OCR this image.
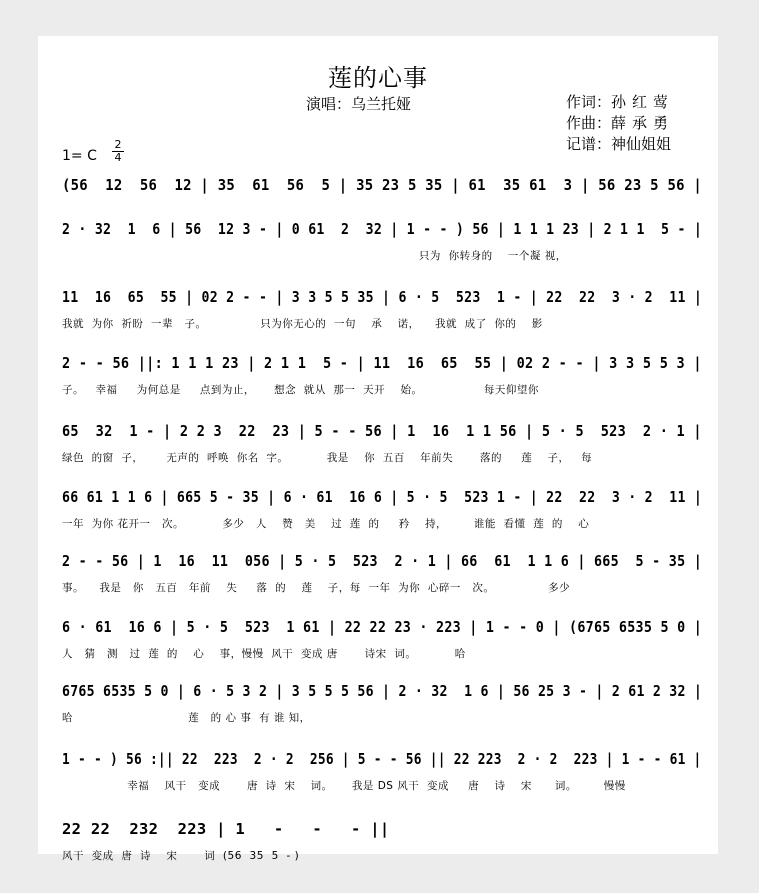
莲的心事
演唱：乌兰托娅	作词：孙红莺
作曲：薛承勇
记谱：神仙姐姐
1= C
2
4
(56  12  56  12 | 35  61  56  5 | 35 23 5 35 | 61  35 61  3 | 56 23 5 56 |
2 · 32  1  6 | 56  12 3 - | 0 61  2  32 | 1 - - ) 56 | 1 1 1 23 | 2 1 1  5 - |
只为  你转身的    一个凝 视，
11  16  65  55 | 02 2 - - | 3 3 5 5 35 | 6 · 5  523  1 - | 22  22  3 · 2  11 |
我就  为你  祈盼  一辈   子。              只为你无心的  一句    承    诺，    我就  成了  你的    影
2 - - 56 ||: 1 1 1 23 | 2 1 1  5 - | 11  16  65  55 | 02 2 - - | 3 3 5 5 3 |
子。   幸福     为何总是     点到为止，     想念  就从  那一  天开    始。                每天仰望你
65  32  1 - | 2 2 3  22  23 | 5 - - 56 | 1  16  1 1 56 | 5 · 5  523  2 · 1 |
绿色  的窗  子，      无声的  呼唤  你名  字。          我是    你  五百    年前失       落的     莲    子，   每
66 61 1 1 6 | 665 5 - 35 | 6 · 61  16 6 | 5 · 5  523 1 - | 22  22  3 · 2  11 |
一年  为你 花开一   次。          多少   人    赞   美    过  莲  的     矜    持，       谁能  看懂  莲  的    心
2 - - 56 | 1  16  11  056 | 5 · 5  523  2 · 1 | 66  61  1 1 6 | 665  5 - 35 |
事。    我是   你   五百   年前    失     落  的    莲    子，每  一年  为你  心碎一   次。              多少
6 · 61  16 6 | 5 · 5  523  1 61 | 22 22 23 · 223 | 1 - - 0 | (6765 6535 5 0 |
人   猜   测   过  莲  的    心    事，慢慢  风干  变成 唐       诗宋  词。          哈
6765 6535 5 0 | 6 · 5 3 2 | 3 5 5 5 56 | 2 · 32  1 6 | 56 25 3 - | 2 61 2 32 |
哈                              莲   的 心 事  有 谁 知，
1 - - ) 56 :|| 22  223  2 · 2  256 | 5 - - 56 || 22 223  2 · 2  223 | 1 - - 61 |
幸福    风干   变成       唐  诗  宋    词。     我是 DS 风干  变成     唐    诗    宋      词。       慢慢
22 22  232  223 | 1   -   -   - ||
风干  变成  唐  诗    宋       词  (56  35  5  - )
